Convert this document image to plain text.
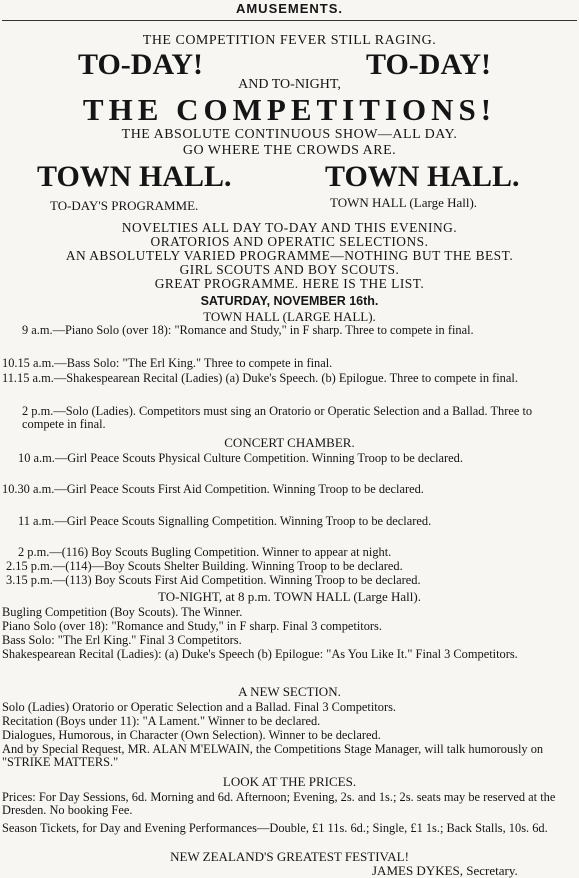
AMUSEMENTS.
THE COMPETITION FEVER STILL RAGING.
TO-DAY!	TO-DAY!
AND TO-NIGHT,
THE COMPETITIONS!
THE ABSOLUTE CONTINUOUS SHOW—ALL DAY.
GO WHERE THE CROWDS ARE.
TOWN HALL.	TOWN HALL.
TO-DAY'S PROGRAMME.	TOWN HALL (Large Hall).
NOVELTIES ALL DAY TO-DAY AND THIS EVENING.
ORATORIOS AND OPERATIC SELECTIONS.
AN ABSOLUTELY VARIED PROGRAMME—NOTHING BUT THE BEST.
GIRL SCOUTS AND BOY SCOUTS.
GREAT PROGRAMME. HERE IS THE LIST.
SATURDAY, NOVEMBER 16th.
TOWN HALL (LARGE HALL).
9 a.m.—Piano Solo (over 18): "Romance and Study," in F sharp. Three to compete in final.
10.15 a.m.—Bass Solo: "The Erl King." Three to compete in final.
11.15 a.m.—Shakespearean Recital (Ladies) (a) Duke's Speech. (b) Epilogue. Three to compete in final.
2 p.m.—Solo (Ladies). Competitors must sing an Oratorio or Operatic Selection and a Ballad. Three to compete in final.
CONCERT CHAMBER.
10 a.m.—Girl Peace Scouts Physical Culture Competition. Winning Troop to be declared.
10.30 a.m.—Girl Peace Scouts First Aid Competition. Winning Troop to be declared.
11 a.m.—Girl Peace Scouts Signalling Competition. Winning Troop to be declared.
2 p.m.—(116) Boy Scouts Bugling Competition. Winner to appear at night.
2.15 p.m.—(114)—Boy Scouts Shelter Building. Winning Troop to be declared.
3.15 p.m.—(113) Boy Scouts First Aid Competition. Winning Troop to be declared.
TO-NIGHT, at 8 p.m. TOWN HALL (Large Hall).
Bugling Competition (Boy Scouts). The Winner.
Piano Solo (over 18): "Romance and Study," in F sharp. Final 3 competitors.
Bass Solo: "The Erl King." Final 3 Competitors.
Shakespearean Recital (Ladies): (a) Duke's Speech (b) Epilogue: "As You Like It." Final 3 Competitors.
A NEW SECTION.
Solo (Ladies) Oratorio or Operatic Selection and a Ballad. Final 3 Competitors.
Recitation (Boys under 11): "A Lament." Winner to be declared.
Dialogues, Humorous, in Character (Own Selection). Winner to be declared.
And by Special Request, MR. ALAN M'ELWAIN, the Competitions Stage Manager, will talk humorously on "STRIKE MATTERS."
LOOK AT THE PRICES.
Prices: For Day Sessions, 6d. Morning and 6d. Afternoon; Evening, 2s. and 1s.; 2s. seats may be reserved at the Dresden. No booking Fee.
Season Tickets, for Day and Evening Performances—Double, £1 11s. 6d.; Single, £1 1s.; Back Stalls, 10s. 6d.
NEW ZEALAND'S GREATEST FESTIVAL!
JAMES DYKES, Secretary.
